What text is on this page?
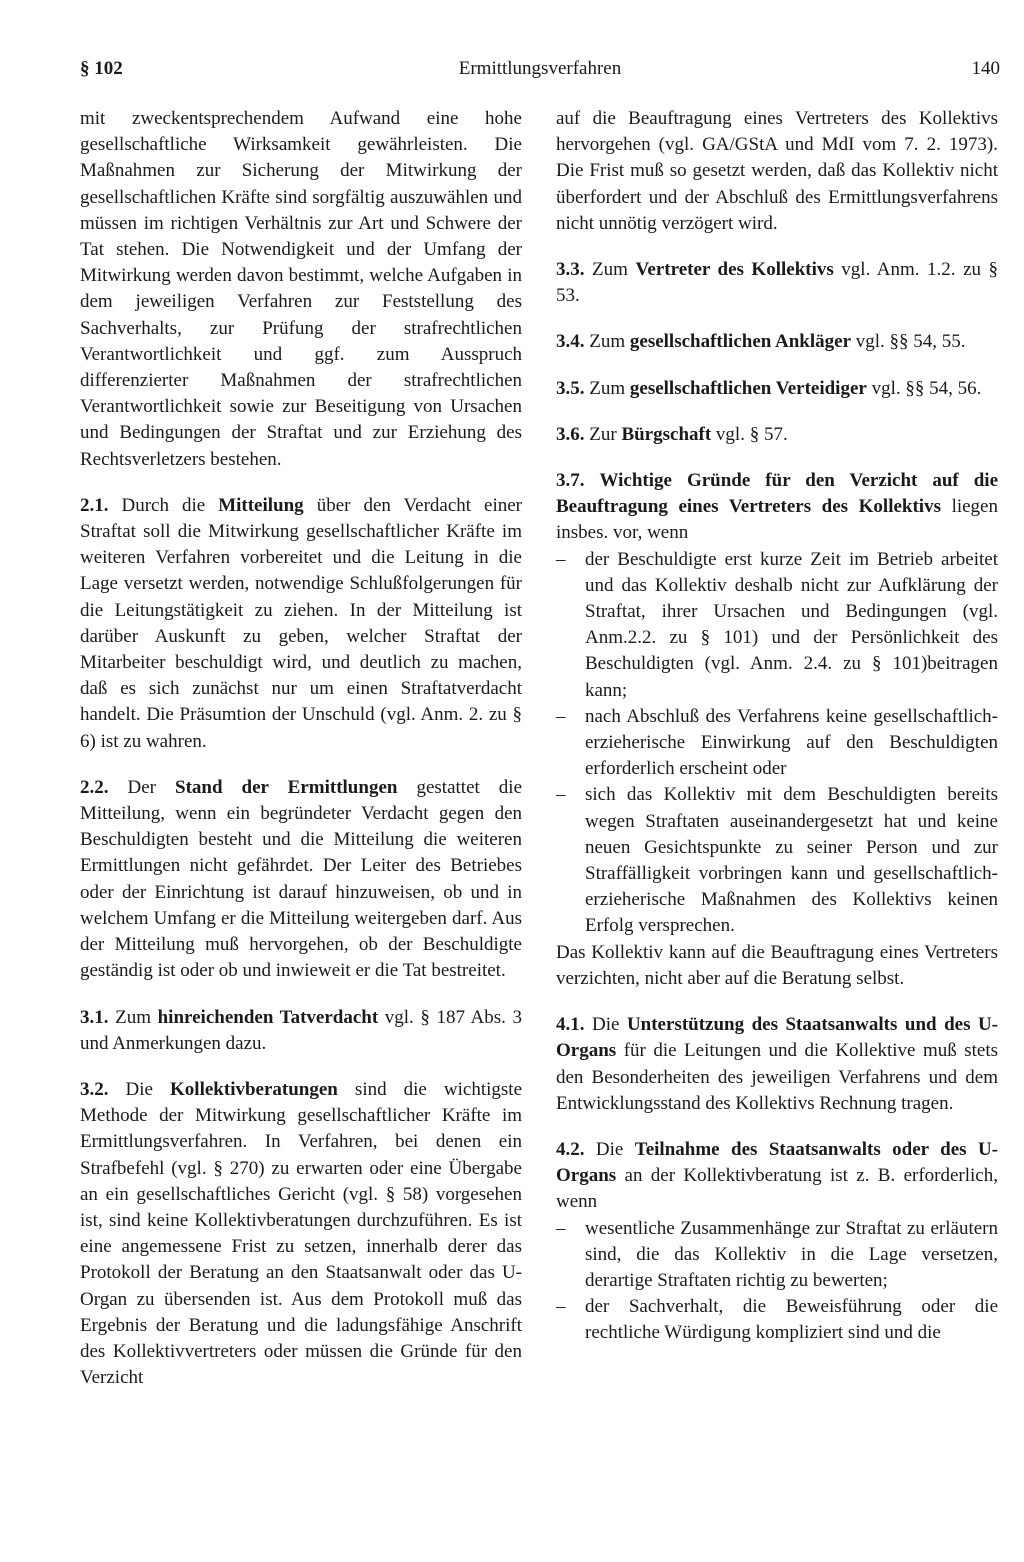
§ 102	Ermittlungsverfahren	140

mit zweckentsprechendem Aufwand eine hohe gesellschaftliche Wirksamkeit gewährleisten. Die Maßnahmen zur Sicherung der Mitwirkung der gesellschaftlichen Kräfte sind sorgfältig auszuwählen und müssen im richtigen Verhältnis zur Art und Schwere der Tat stehen. Die Notwendigkeit und der Umfang der Mitwirkung werden davon bestimmt, welche Aufgaben in dem jeweiligen Verfahren zur Feststellung des Sachverhalts, zur Prüfung der strafrechtlichen Verantwortlichkeit und ggf. zum Ausspruch differenzierter Maßnahmen der strafrechtlichen Verantwortlichkeit sowie zur Beseitigung von Ursachen und Bedingungen der Straftat und zur Erziehung des Rechtsverletzers bestehen.

2.1. Durch die Mitteilung über den Verdacht einer Straftat soll die Mitwirkung gesellschaftlicher Kräfte im weiteren Verfahren vorbereitet und die Leitung in die Lage versetzt werden, notwendige Schlußfolgerungen für die Leitungstätigkeit zu ziehen. In der Mitteilung ist darüber Auskunft zu geben, welcher Straftat der Mitarbeiter beschuldigt wird, und deutlich zu machen, daß es sich zunächst nur um einen Straftatverdacht handelt. Die Präsumtion der Unschuld (vgl. Anm. 2. zu § 6) ist zu wahren.

2.2. Der Stand der Ermittlungen gestattet die Mitteilung, wenn ein begründeter Verdacht gegen den Beschuldigten besteht und die Mitteilung die weiteren Ermittlungen nicht gefährdet. Der Leiter des Betriebes oder der Einrichtung ist darauf hinzuweisen, ob und in welchem Umfang er die Mitteilung weitergeben darf. Aus der Mitteilung muß hervorgehen, ob der Beschuldigte geständig ist oder ob und inwieweit er die Tat bestreitet.

3.1. Zum hinreichenden Tatverdacht vgl. § 187 Abs. 3 und Anmerkungen dazu.

3.2. Die Kollektivberatungen sind die wichtigste Methode der Mitwirkung gesellschaftlicher Kräfte im Ermittlungsverfahren. In Verfahren, bei denen ein Strafbefehl (vgl. § 270) zu erwarten oder eine Übergabe an ein gesellschaftliches Gericht (vgl. § 58) vorgesehen ist, sind keine Kollektivberatungen durchzuführen. Es ist eine angemessene Frist zu setzen, innerhalb derer das Protokoll der Beratung an den Staatsanwalt oder das U-Organ zu übersenden ist. Aus dem Protokoll muß das Ergebnis der Beratung und die ladungsfähige Anschrift des Kollektivvertreters oder müssen die Gründe für den Verzicht

auf die Beauftragung eines Vertreters des Kollektivs hervorgehen (vgl. GA/GStA und MdI vom 7. 2. 1973). Die Frist muß so gesetzt werden, daß das Kollektiv nicht überfordert und der Abschluß des Ermittlungsverfahrens nicht unnötig verzögert wird.

3.3. Zum Vertreter des Kollektivs vgl. Anm. 1.2. zu § 53.

3.4. Zum gesellschaftlichen Ankläger vgl. §§ 54, 55.

3.5. Zum gesellschaftlichen Verteidiger vgl. §§ 54, 56.

3.6. Zur Bürgschaft vgl. § 57.

3.7. Wichtige Gründe für den Verzicht auf die Beauftragung eines Vertreters des Kollektivs liegen insbes. vor, wenn

– der Beschuldigte erst kurze Zeit im Betrieb arbeitet und das Kollektiv deshalb nicht zur Aufklärung der Straftat, ihrer Ursachen und Bedingungen (vgl. Anm.2.2. zu § 101) und der Persönlichkeit des Beschuldigten (vgl. Anm. 2.4. zu § 101)beitragen kann;

– nach Abschluß des Verfahrens keine gesellschaftlich-erzieherische Einwirkung auf den Beschuldigten erforderlich erscheint oder

– sich das Kollektiv mit dem Beschuldigten bereits wegen Straftaten auseinandergesetzt hat und keine neuen Gesichtspunkte zu seiner Person und zur Straffälligkeit vorbringen kann und gesellschaftlich-erzieherische Maßnahmen des Kollektivs keinen Erfolg versprechen.

Das Kollektiv kann auf die Beauftragung eines Vertreters verzichten, nicht aber auf die Beratung selbst.

4.1. Die Unterstützung des Staatsanwalts und des U-Organs für die Leitungen und die Kollektive muß stets den Besonderheiten des jeweiligen Verfahrens und dem Entwicklungsstand des Kollektivs Rechnung tragen.

4.2. Die Teilnahme des Staatsanwalts oder des U-Organs an der Kollektivberatung ist z. B. erforderlich, wenn

– wesentliche Zusammenhänge zur Straftat zu erläutern sind, die das Kollektiv in die Lage versetzen, derartige Straftaten richtig zu bewerten;

– der Sachverhalt, die Beweisführung oder die rechtliche Würdigung kompliziert sind und die
